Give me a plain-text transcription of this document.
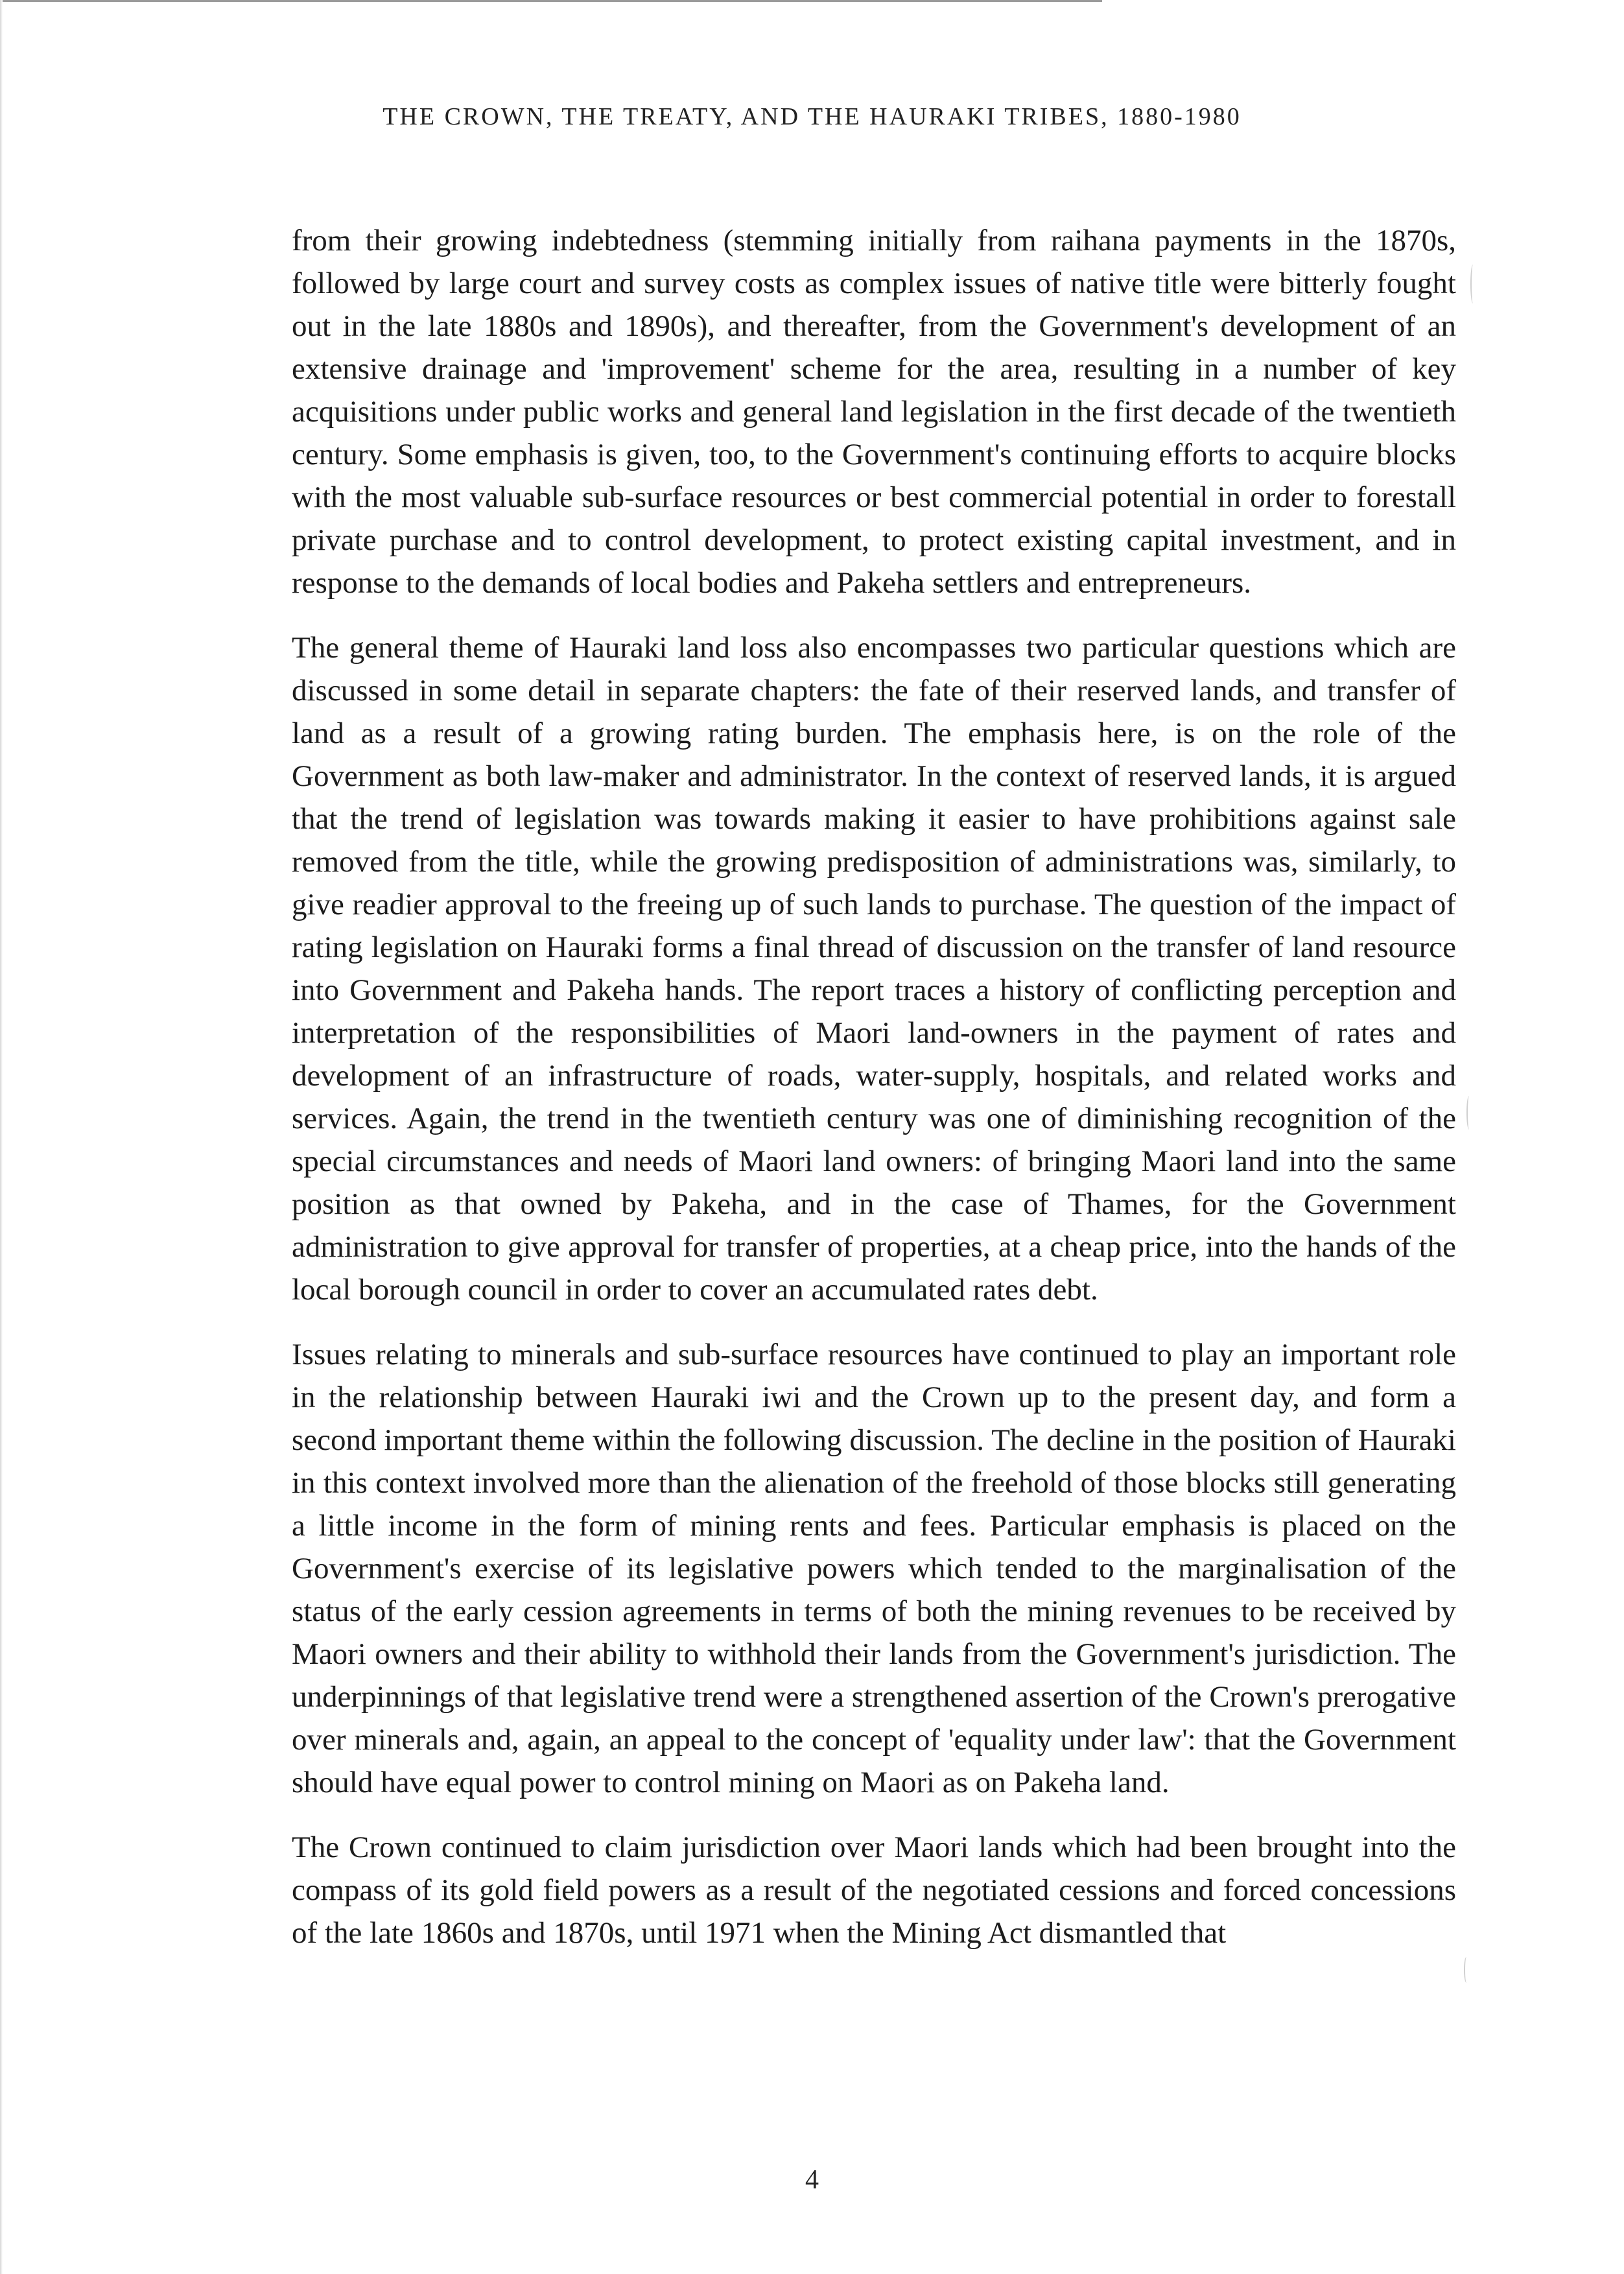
THE CROWN, THE TREATY, AND THE HAURAKI TRIBES, 1880-1980

from their growing indebtedness (stemming initially from raihana payments in the 1870s, followed by large court and survey costs as complex issues of native title were bitterly fought out in the late 1880s and 1890s), and thereafter, from the Government's development of an extensive drainage and 'improvement' scheme for the area, resulting in a number of key acquisitions under public works and general land legislation in the first decade of the twentieth century. Some emphasis is given, too, to the Government's continuing efforts to acquire blocks with the most valuable sub-surface resources or best commercial potential in order to forestall private purchase and to control development, to protect existing capital investment, and in response to the demands of local bodies and Pakeha settlers and entrepreneurs.

The general theme of Hauraki land loss also encompasses two particular questions which are discussed in some detail in separate chapters: the fate of their reserved lands, and transfer of land as a result of a growing rating burden. The emphasis here, is on the role of the Government as both law-maker and administrator. In the context of reserved lands, it is argued that the trend of legislation was towards making it easier to have prohibitions against sale removed from the title, while the growing predisposition of administrations was, similarly, to give readier approval to the freeing up of such lands to purchase. The question of the impact of rating legislation on Hauraki forms a final thread of discussion on the transfer of land resource into Government and Pakeha hands. The report traces a history of conflicting perception and interpretation of the responsibilities of Maori land-owners in the payment of rates and development of an infrastructure of roads, water-supply, hospitals, and related works and services. Again, the trend in the twentieth century was one of diminishing recognition of the special circumstances and needs of Maori land owners: of bringing Maori land into the same position as that owned by Pakeha, and in the case of Thames, for the Government administration to give approval for transfer of properties, at a cheap price, into the hands of the local borough council in order to cover an accumulated rates debt.

Issues relating to minerals and sub-surface resources have continued to play an important role in the relationship between Hauraki iwi and the Crown up to the present day, and form a second important theme within the following discussion. The decline in the position of Hauraki in this context involved more than the alienation of the freehold of those blocks still generating a little income in the form of mining rents and fees. Particular emphasis is placed on the Government's exercise of its legislative powers which tended to the marginalisation of the status of the early cession agreements in terms of both the mining revenues to be received by Maori owners and their ability to withhold their lands from the Government's jurisdiction. The underpinnings of that legislative trend were a strengthened assertion of the Crown's prerogative over minerals and, again, an appeal to the concept of 'equality under law': that the Government should have equal power to control mining on Maori as on Pakeha land.

The Crown continued to claim jurisdiction over Maori lands which had been brought into the compass of its gold field powers as a result of the negotiated cessions and forced concessions of the late 1860s and 1870s, until 1971 when the Mining Act dismantled that

4
